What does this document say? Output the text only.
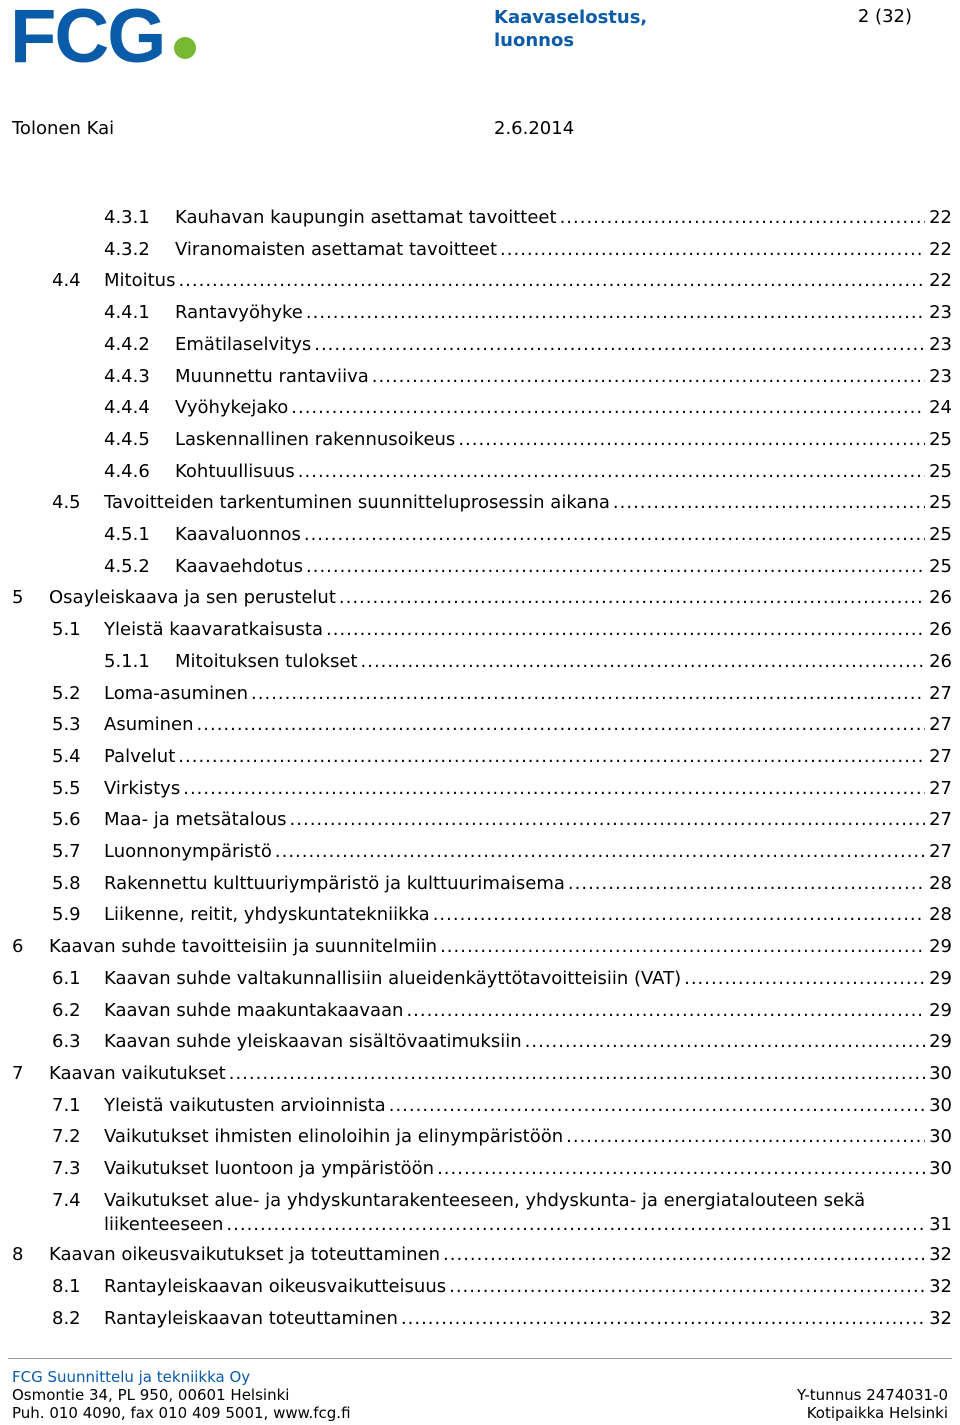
FCG	Kaavaselostus,
luonnos
2 (32)
Tolonen Kai	2.6.2014
4.3.1 Kauhavan kaupungin asettamat tavoitteet .....	22
4.3.2 Viranomaisten asettamat tavoitteet .....	22
4.4 Mitoitus .....	22
4.4.1 Rantavyöhyke .....	23
4.4.2 Emätilaselvitys .....	23
4.4.3 Muunnettu rantaviiva .....	23
4.4.4 Vyöhykejako .....	24
4.4.5 Laskennallinen rakennusoikeus .....	25
4.4.6 Kohtuullisuus .....	25
4.5 Tavoitteiden tarkentuminen suunnitteluprosessin aikana .....	25
4.5.1 Kaavaluonnos .....	25
4.5.2 Kaavaehdotus .....	25
5 Osayleiskaava ja sen perustelut .....	26
5.1 Yleistä kaavaratkaisusta .....	26
5.1.1 Mitoituksen tulokset .....	26
5.2 Loma-asuminen .....	27
5.3 Asuminen .....	27
5.4 Palvelut .....	27
5.5 Virkistys .....	27
5.6 Maa- ja metsätalous .....	27
5.7 Luonnonympäristö .....	27
5.8 Rakennettu kulttuuriympäristö ja kulttuurimaisema .....	28
5.9 Liikenne, reitit, yhdyskuntatekniikka .....	28
6 Kaavan suhde tavoitteisiin ja suunnitelmiin .....	29
6.1 Kaavan suhde valtakunnallisiin alueidenkäyttötavoitteisiin (VAT) .....	29
6.2 Kaavan suhde maakuntakaavaan .....	29
6.3 Kaavan suhde yleiskaavan sisältövaatimuksiin .....	29
7 Kaavan vaikutukset .....	30
7.1 Yleistä vaikutusten arvioinnista .....	30
7.2 Vaikutukset ihmisten elinoloihin ja elinympäristöön .....	30
7.3 Vaikutukset luontoon ja ympäristöön .....	30
7.4 Vaikutukset alue- ja yhdyskuntarakenteeseen, yhdyskunta- ja energiatalouteen sekä
liikenteeseen .....	31
8 Kaavan oikeusvaikutukset ja toteuttaminen .....	32
8.1 Rantayleiskaavan oikeusvaikutteisuus .....	32
8.2 Rantayleiskaavan toteuttaminen .....	32
FCG Suunnittelu ja tekniikka Oy
Osmontie 34, PL 950, 00601 Helsinki
Puh. 010 4090, fax 010 409 5001, www.fcg.fi
Y-tunnus 2474031-0
Kotipaikka Helsinki
